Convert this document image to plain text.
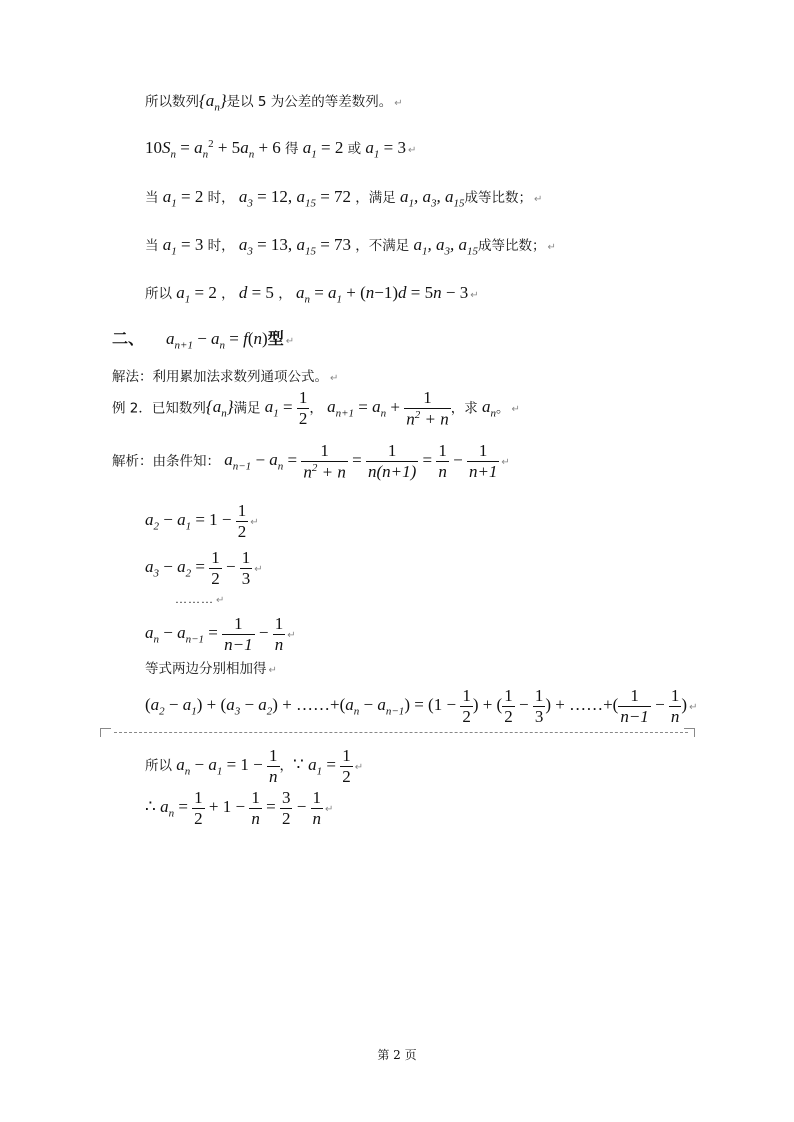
所以数列$\{a_n\}$是以 5 为公差的等差数列。 ↵
$10S_n = a_n^2 + 5a_n + 6$ 得 $a_1 = 2$ 或 $a_1 = 3$ ↵
当 $a_1 = 2$ 时， $a_3 = 12$, $a_{15} = 72$ ，满足 $a_1$, $a_3$, $a_{15}$成等比数； ↵
当 $a_1 = 3$ 时， $a_3 = 13$, $a_{15} = 73$ ，不满足 $a_1$, $a_3$, $a_{15}$成等比数； ↵
所以 $a_1 = 2$ ， d = 5 ， $a_n = a_1 + (n-1)d = 5n - 3$ ↵
二、 $a_{n+1} - a_n = f(n)$型 ↵
解法：利用累加法求数列通项公式。 ↵
例 2．已知数列$\{a_n\}$满足 $a_1 = \frac{1}{2}$ ， $a_{n+1} = a_n + \frac{1}{n^2 + n}$ ，求 $a_n$。 ↵
解析：由条件知： $a_{n-1} - a_n = \frac{1}{n^2 + n} = \frac{1}{n(n+1)} = \frac{1}{n} - \frac{1}{n+1}$ ↵
$a_2 - a_1 = 1 - \frac{1}{2}$ ↵
$a_3 - a_2 = \frac{1}{2} - \frac{1}{3}$ ↵
……… ↵
$a_n - a_{n-1} = \frac{1}{n-1} - \frac{1}{n}$ ↵
等式两边分别相加得 ↵
$(a_2 - a_1) + (a_3 - a_2)$ + $\dots\dots+(a_n - a_{n-1}) = (1 - \frac{1}{2}$ ) + ( $\frac{1}{2} - \frac{1}{3}$ ) + ……+( $\frac{1}{n-1} - \frac{1}{n}$ ) ↵
所以 $a_n - a_1 = 1 - \frac{1}{n}$ ，∵ $a_1 = \frac{1}{2}$ ↵
∴ $a_n = \frac{1}{2} + 1 - \frac{1}{n} = \frac{3}{2} - \frac{1}{n}$ ↵
第 2 页
